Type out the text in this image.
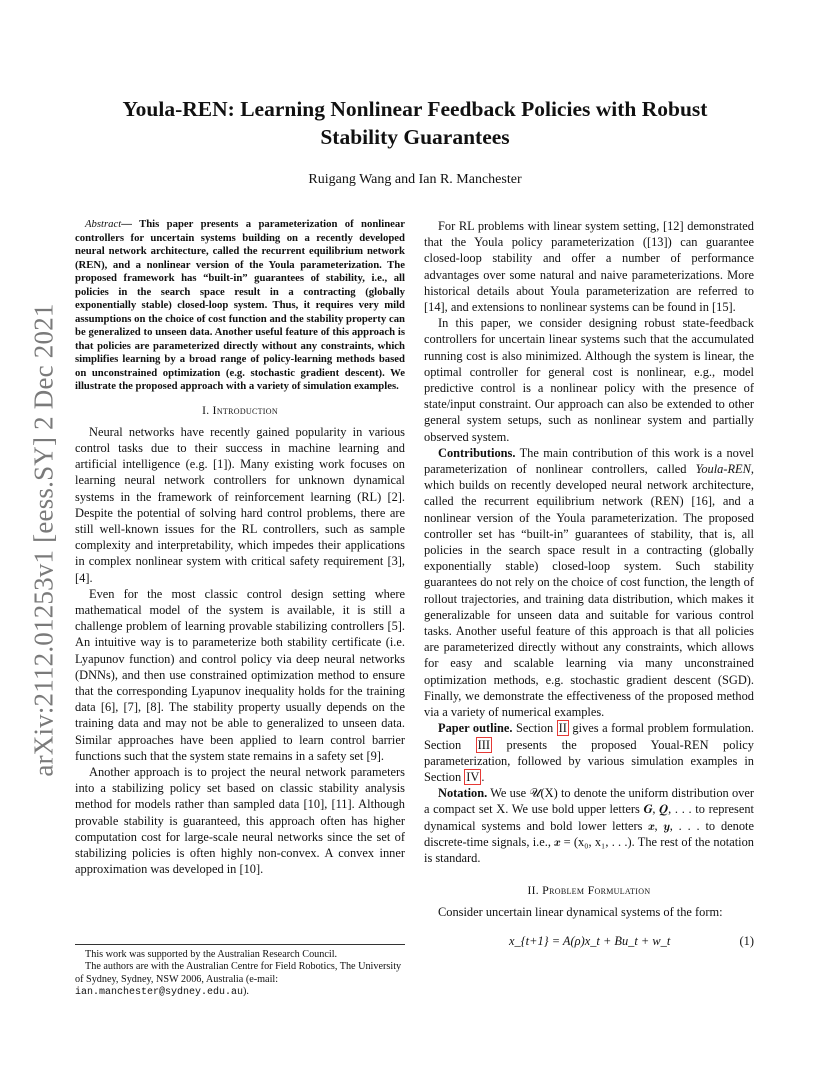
arXiv:2112.01253v1 [eess.SY] 2 Dec 2021
Youla-REN: Learning Nonlinear Feedback Policies with Robust
Stability Guarantees
Ruigang Wang and Ian R. Manchester

Abstract— This paper presents a parameterization of nonlinear controllers for uncertain systems building on a recently developed neural network architecture, called the recurrent equilibrium network (REN), and a nonlinear version of the Youla parameterization. The proposed framework has “built-in” guarantees of stability, i.e., all policies in the search space result in a contracting (globally exponentially stable) closed-loop system. Thus, it requires very mild assumptions on the choice of cost function and the stability property can be generalized to unseen data. Another useful feature of this approach is that policies are parameterized directly without any constraints, which simplifies learning by a broad range of policy-learning methods based on unconstrained optimization (e.g. stochastic gradient descent). We illustrate the proposed approach with a variety of simulation examples.

I. Introduction

Neural networks have recently gained popularity in various control tasks due to their success in machine learning and artificial intelligence (e.g. [1]). Many existing work focuses on learning neural network controllers for unknown dynamical systems in the framework of reinforcement learning (RL) [2]. Despite the potential of solving hard control problems, there are still well-known issues for the RL controllers, such as sample complexity and interpretability, which impedes their applications in complex nonlinear system with critical safety requirement [3], [4].

Even for the most classic control design setting where mathematical model of the system is available, it is still a challenge problem of learning provable stabilizing controllers [5]. An intuitive way is to parameterize both stability certificate (i.e. Lyapunov function) and control policy via deep neural networks (DNNs), and then use constrained optimization method to ensure that the corresponding Lyapunov inequality holds for the training data [6], [7], [8]. The stability property usually depends on the training data and may not be able to generalized to unseen data. Similar approaches have been applied to learn control barrier functions such that the system state remains in a safety set [9].

Another approach is to project the neural network parameters into a stabilizing policy set based on classic stability analysis method for models rather than sampled data [10], [11]. Although provable stability is guaranteed, this approach often has higher computation cost for large-scale neural networks since the set of stabilizing policies is often highly non-convex. A convex inner approximation was developed in [10].

For RL problems with linear system setting, [12] demonstrated that the Youla policy parameterization ([13]) can guarantee closed-loop stability and offer a number of performance advantages over some natural and naive parameterizations. More historical details about Youla parameterization are referred to [14], and extensions to nonlinear systems can be found in [15].

In this paper, we consider designing robust state-feedback controllers for uncertain linear systems such that the accumulated running cost is also minimized. Although the system is linear, the optimal controller for general cost is nonlinear, e.g., model predictive control is a nonlinear policy with the presence of state/input constraint. Our approach can also be extended to other general system setups, such as nonlinear system and partially observed system.

Contributions. The main contribution of this work is a novel parameterization of nonlinear controllers, called Youla-REN, which builds on recently developed neural network architecture, called the recurrent equilibrium network (REN) [16], and a nonlinear version of the Youla parameterization. The proposed controller set has “built-in” guarantees of stability, that is, all policies in the search space result in a contracting (globally exponentially stable) closed-loop system. Such stability guarantees do not rely on the choice of cost function, the length of rollout trajectories, and training data distribution, which makes it generalizable for unseen data and suitable for various control tasks. Another useful feature of this approach is that all policies are parameterized directly without any constraints, which allows for easy and scalable learning via many unconstrained optimization methods, e.g. stochastic gradient descent (SGD). Finally, we demonstrate the effectiveness of the proposed method via a variety of numerical examples.

Paper outline. Section II gives a formal problem formulation. Section III presents the proposed Youal-REN policy parameterization, followed by various simulation examples in Section IV .

Notation. We use 𝒰(X) to denote the uniform distribution over a compact set X. We use bold upper letters 𝑮, 𝑸, . . . to represent dynamical systems and bold lower letters 𝒙, 𝒚, . . . to denote discrete-time signals, i.e., 𝒙 = (x₀, x₁, . . .). The rest of the notation is standard.

II. Problem Formulation

Consider uncertain linear dynamical systems of the form:

x_{t+1} = A(ρ)x_t + Bu_t + w_t	(1)

This work was supported by the Australian Research Council.

The authors are with the Australian Centre for Field Robotics, The University of Sydney, Sydney, NSW 2006, Australia (e-mail: ian.manchester@sydney.edu.au).
